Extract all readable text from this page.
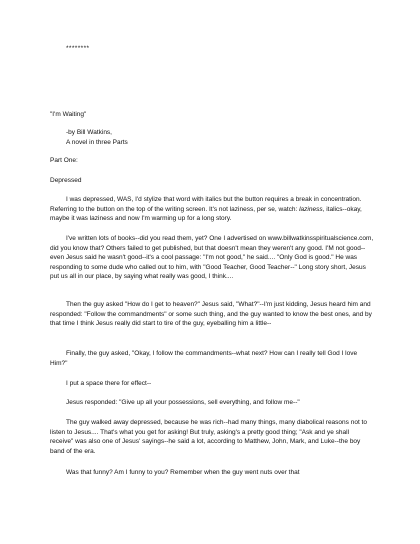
********
"I'm Waiting"
-by Bill Watkins,
A novel in three Parts
Part One:
Depressed

I was depressed, WAS, I'd stylize that word with italics but the button requires a break in concentration. Referring to the button on the top of the writing screen. It's not laziness, per se, watch: laziness, italics--okay, maybe it was laziness and now I'm warming up for a long story.

I've written lots of books--did you read them, yet? One I advertised on www.billwatkinsspiritualscience.com, did you know that? Others failed to get published, but that doesn't mean they weren't any good. I'M not good--even Jesus said he wasn't good--it's a cool passage: "I'm not good," he said.... "Only God is good." He was responding to some dude who called out to him, with "Good Teacher, Good Teacher--" Long story short, Jesus put us all in our place, by saying what really was good, I think....

Then the guy asked "How do I get to heaven?" Jesus said, "What?"--I'm just kidding, Jesus heard him and responded: "Follow the commandments" or some such thing, and the guy wanted to know the best ones, and by that time I think Jesus really did start to tire of the guy, eyeballing him a little--

Finally, the guy asked, "Okay, I follow the commandments--what next? How can I really tell God I love Him?"

I put a space there for effect--

Jesus responded: "Give up all your possessions, sell everything, and follow me--"

The guy walked away depressed, because he was rich--had many things, many diabolical reasons not to listen to Jesus.... That's what you get for asking! But truly, asking's a pretty good thing; "Ask and ye shall receive" was also one of Jesus' sayings--he said a lot, according to Matthew, John, Mark, and Luke--the boy band of the era.

Was that funny? Am I funny to you? Remember when the guy went nuts over that
